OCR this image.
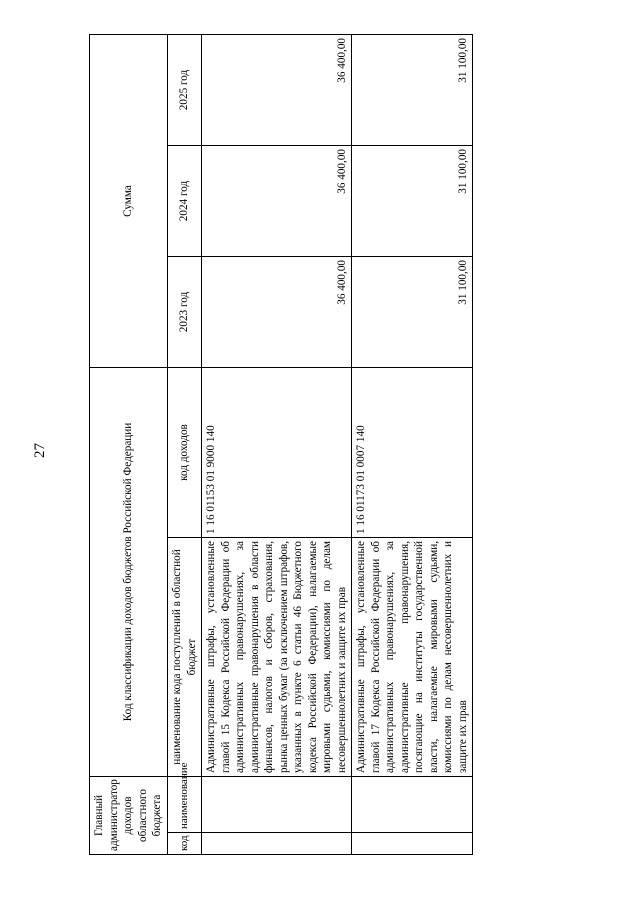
27
Главный администратор доходов областного бюджета		Код классификации доходов бюджетов Российской Федерации		Сумма		
код	наименование	наименование кода поступлений в областной бюджет	код доходов	2023 год	2024 год	2025 год
		Административные штрафы, установленные главой 15 Кодекса Российской Федерации об административных правонарушениях, за административные правонарушения в области финансов, налогов и сборов, страхования, рынка ценных бумаг (за исключением штрафов, указанных в пункте 6 статьи 46 Бюджетного кодекса Российской Федерации), налагаемые мировыми судьями, комиссиями по делам несовершеннолетних и защите их прав	1 16 01153 01 9000 140	36 400,00	36 400,00	36 400,00
		Административные штрафы, установленные главой 17 Кодекса Российской Федерации об административных правонарушениях, за административные правонарушения, посягающие на институты государственной власти, налагаемые мировыми судьями, комиссиями по делам несовершеннолетних и защите их прав	1 16 01173 01 0007 140	31 100,00	31 100,00	31 100,00
